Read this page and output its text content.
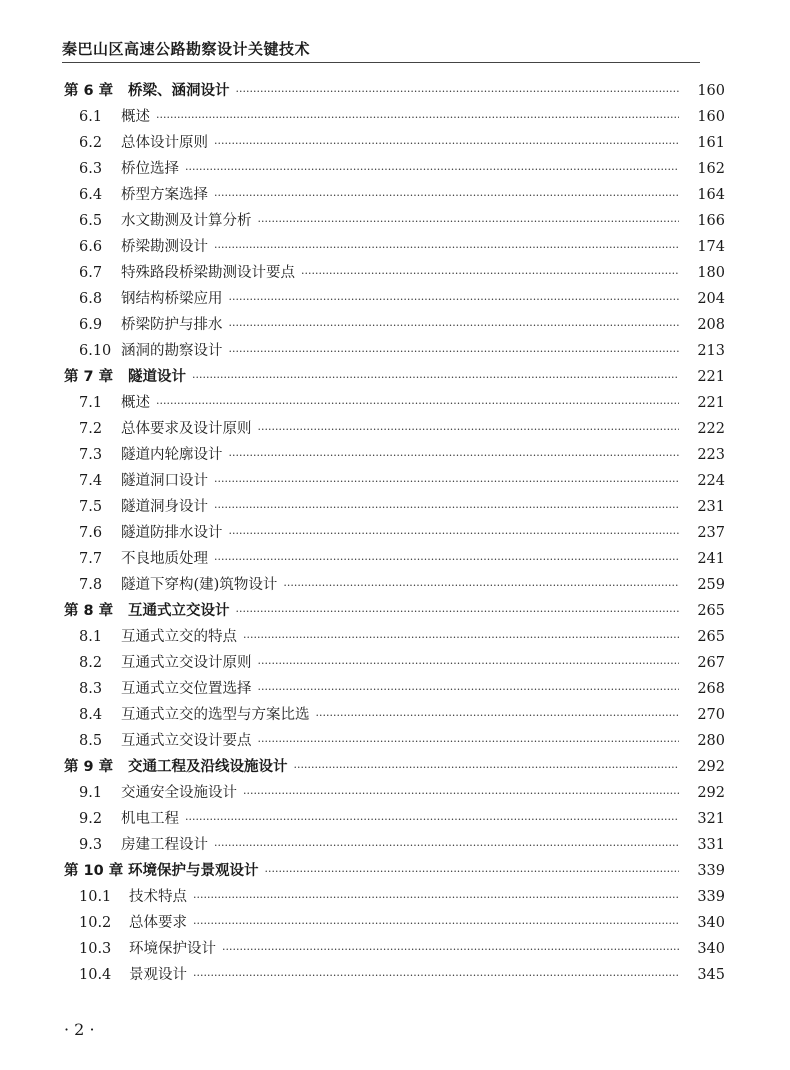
秦巴山区高速公路勘察设计关键技术
第 6 章	桥梁、涵洞设计 ·····	160
6.1	概述 ·····	160
6.2	总体设计原则 ·····	161
6.3	桥位选择 ·····	162
6.4	桥型方案选择 ·····	164
6.5	水文勘测及计算分析 ·····	166
6.6	桥梁勘测设计 ·····	174
6.7	特殊路段桥梁勘测设计要点 ·····	180
6.8	钢结构桥梁应用 ·····	204
6.9	桥梁防护与排水 ·····	208
6.10 涵洞的勘察设计 ·····	213
第 7 章	隧道设计 ·····	221
7.1	概述 ·····	221
7.2	总体要求及设计原则 ·····	222
7.3	隧道内轮廓设计 ·····	223
7.4	隧道洞口设计 ·····	224
7.5	隧道洞身设计 ·····	231
7.6	隧道防排水设计 ·····	237
7.7	不良地质处理 ·····	241
7.8	隧道下穿构(建)筑物设计 ·····	259
第 8 章	互通式立交设计 ·····	265
8.1	互通式立交的特点 ·····	265
8.2	互通式立交设计原则 ·····	267
8.3	互通式立交位置选择 ·····	268
8.4	互通式立交的选型与方案比选 ·····	270
8.5	互通式立交设计要点 ·····	280
第 9 章	交通工程及沿线设施设计 ·····	292
9.1	交通安全设施设计 ·····	292
9.2	机电工程 ·····	321
9.3	房建工程设计 ·····	331
第 10 章 环境保护与景观设计 ·····	339
10.1	技术特点 ·····	339
10.2	总体要求 ·····	340
10.3	环境保护设计 ·····	340
10.4	景观设计 ·····	345
· 2 ·
